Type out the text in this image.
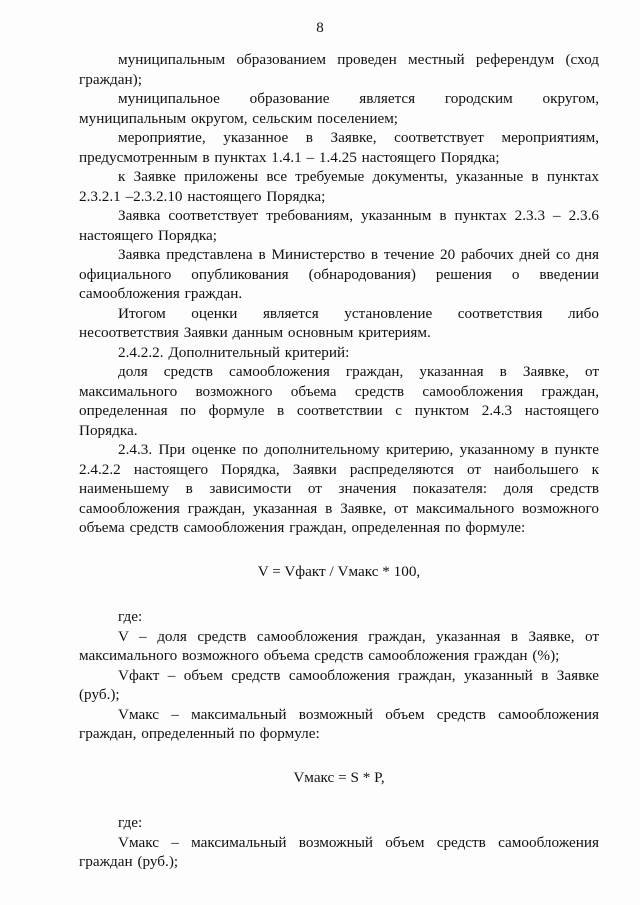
8

муниципальным образованием проведен местный референдум (сход граждан);

муниципальное образование является городским округом, муниципальным округом, сельским поселением;

мероприятие, указанное в Заявке, соответствует мероприятиям, предусмотренным в пунктах 1.4.1 – 1.4.25 настоящего Порядка;

к Заявке приложены все требуемые документы, указанные в пунктах 2.3.2.1 –2.3.2.10 настоящего Порядка;

Заявка соответствует требованиям, указанным в пунктах 2.3.3 – 2.3.6 настоящего Порядка;

Заявка представлена в Министерство в течение 20 рабочих дней со дня официального опубликования (обнародования) решения о введении самообложения граждан.

Итогом оценки является установление соответствия либо несоответствия Заявки данным основным критериям.

2.4.2.2. Дополнительный критерий:

доля средств самообложения граждан, указанная в Заявке, от максимального возможного объема средств самообложения граждан, определенная по формуле в соответствии с пунктом 2.4.3 настоящего Порядка.

2.4.3. При оценке по дополнительному критерию, указанному в пункте 2.4.2.2 настоящего Порядка, Заявки распределяются от наибольшего к наименьшему в зависимости от значения показателя: доля средств самообложения граждан, указанная в Заявке, от максимального возможного объема средств самообложения граждан, определенная по формуле:

V = Vфакт / Vмакс * 100,

где:

V – доля средств самообложения граждан, указанная в Заявке, от максимального возможного объема средств самообложения граждан (%);

Vфакт – объем средств самообложения граждан, указанный в Заявке (руб.);

Vмакс – максимальный возможный объем средств самообложения граждан, определенный по формуле:

Vмакс = S * P,

где:

Vмакс – максимальный возможный объем средств самообложения граждан (руб.);
